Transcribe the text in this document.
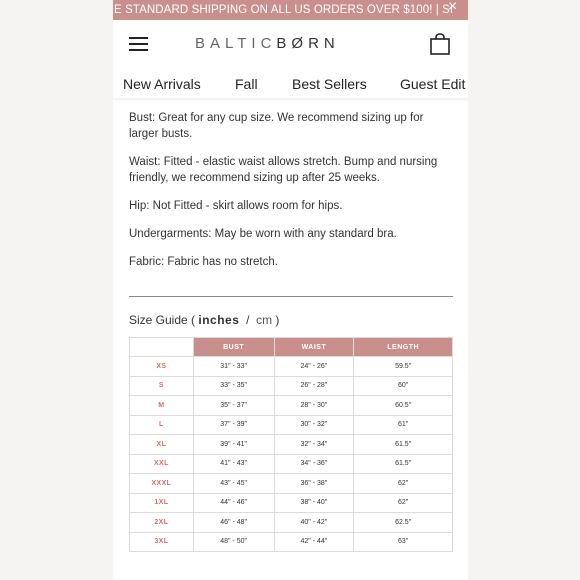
E STANDARD SHIPPING ON ALL US ORDERS OVER $100! | SI
×
BALTICBØRN
New Arrivals Fall Best Sellers Guest Edit

Bust: Great for any cup size. We recommend sizing up for larger busts.

Waist: Fitted - elastic waist allows stretch. Bump and nursing friendly, we recommend sizing up after 25 weeks.

Hip: Not Fitted - skirt allows room for hips.

Undergarments: May be worn with any standard bra.

Fabric: Fabric has no stretch.

Size Guide ( inches / cm )
	BUST	WAIST	LENGTH
XS	31" - 33"	24" - 26"	59.5"
S	33" - 35"	26" - 28"	60"
M	35" - 37"	28" - 30"	60.5"
L	37" - 39"	30" - 32"	61"
XL	39" - 41"	32" - 34"	61.5"
XXL	41" - 43"	34" - 36"	61.5"
XXXL	43" - 45"	36" - 38"	62"
1XL	44" - 46"	38" - 40"	62"
2XL	46" - 48"	40" - 42"	62.5"
3XL	48" - 50"	42" - 44"	63"
